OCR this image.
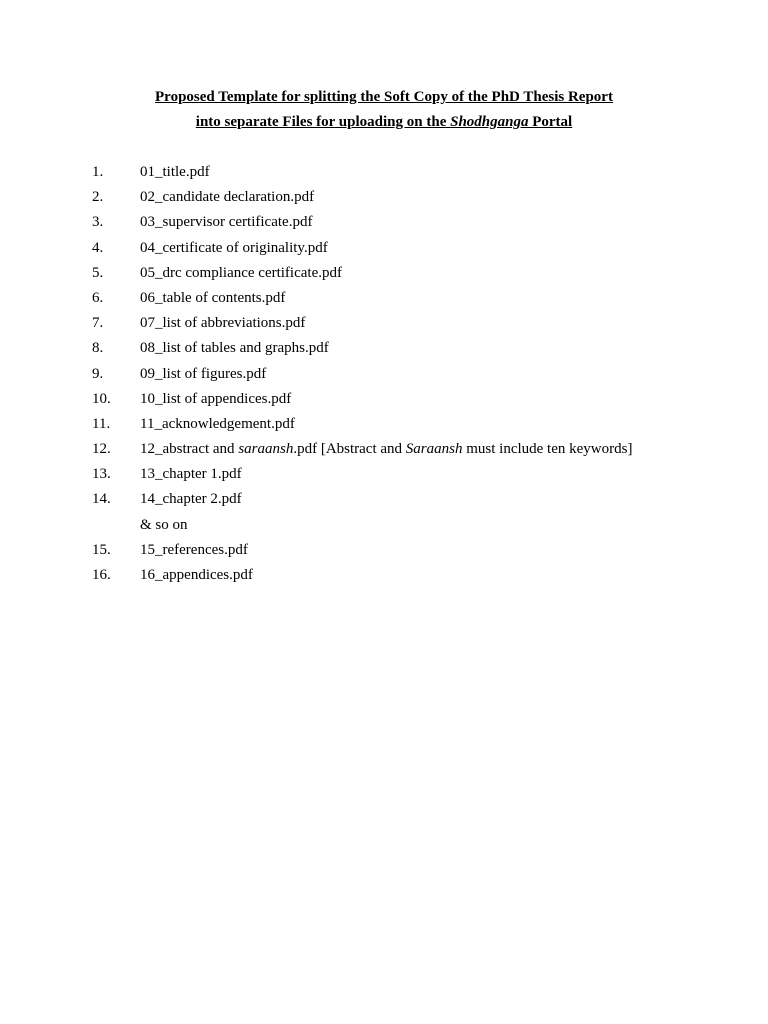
Proposed Template for splitting the Soft Copy of the PhD Thesis Report
into separate Files for uploading on the Shodhganga Portal
1. 01_title.pdf
2. 02_candidate declaration.pdf
3. 03_supervisor certificate.pdf
4. 04_certificate of originality.pdf
5. 05_drc compliance certificate.pdf
6. 06_table of contents.pdf
7. 07_list of abbreviations.pdf
8. 08_list of tables and graphs.pdf
9. 09_list of figures.pdf
10. 10_list of appendices.pdf
11. 11_acknowledgement.pdf
12. 12_abstract and saraansh.pdf [Abstract and Saraansh must include ten keywords]
13. 13_chapter 1.pdf
14. 14_chapter 2.pdf
& so on
15. 15_references.pdf
16. 16_appendices.pdf
